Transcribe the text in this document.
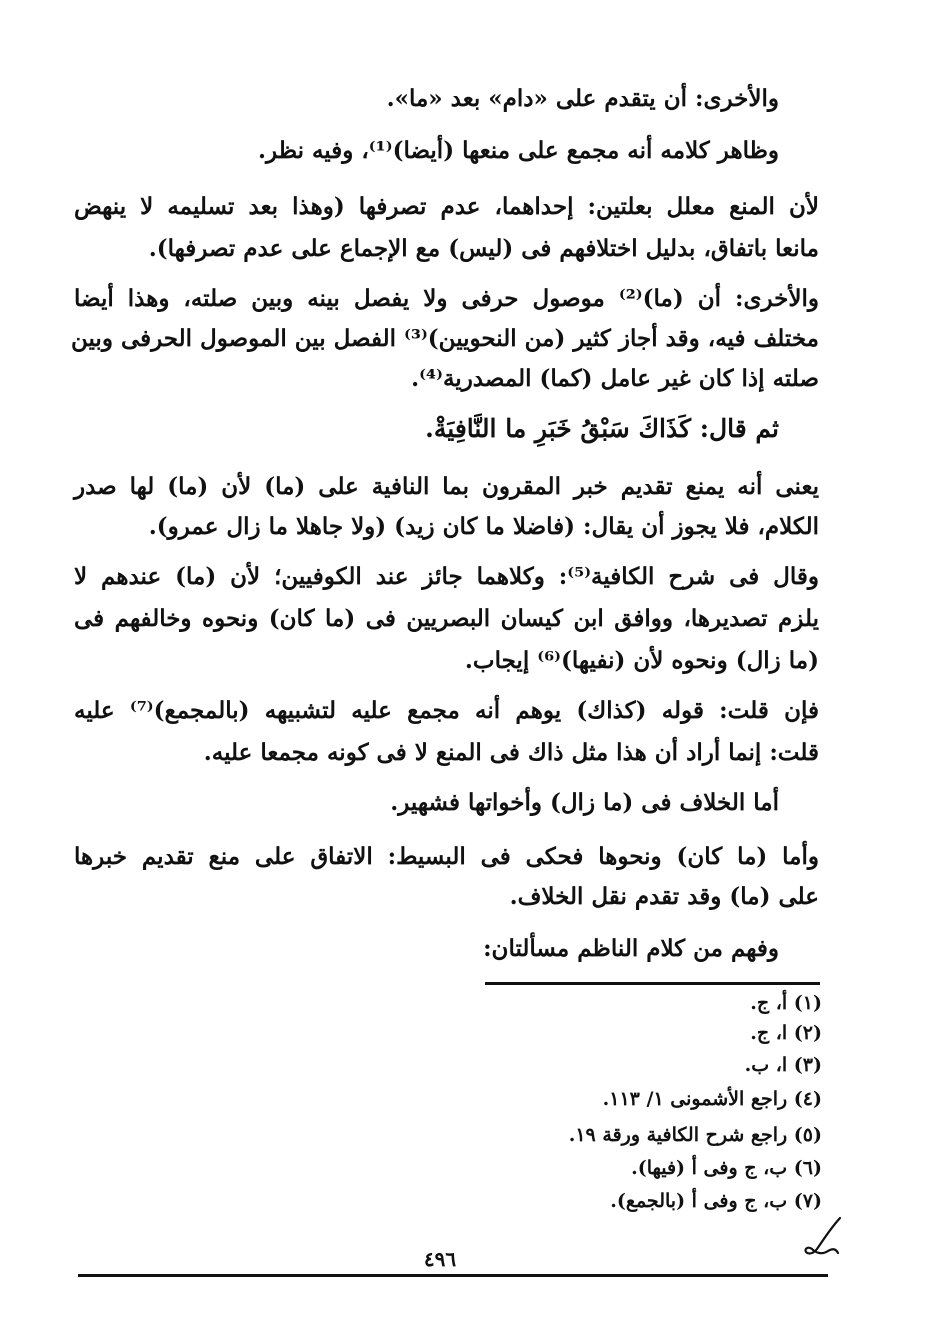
والأخرى: أن يتقدم على «دام» بعد «ما».
وظاهر كلامه أنه مجمع على منعها (أيضا)⁽¹⁾، وفيه نظر.
لأن المنع معلل بعلتين: إحداهما، عدم تصرفها (وهذا بعد تسليمه لا ينهض
مانعا باتفاق، بدليل اختلافهم فى (ليس) مع الإجماع على عدم تصرفها).
والأخرى: أن (ما)⁽²⁾ موصول حرفى ولا يفصل بينه وبين صلته، وهذا أيضا
مختلف فيه، وقد أجاز كثير (من النحويين)⁽³⁾ الفصل بين الموصول الحرفى وبين
صلته إذا كان غير عامل (كما) المصدرية⁽⁴⁾.
ثم قال: كَذَاكَ سَبْقُ خَبَرِ ما النَّافِيَةْ.
يعنى أنه يمنع تقديم خبر المقرون بما النافية على (ما) لأن (ما) لها صدر
الكلام، فلا يجوز أن يقال: (فاضلا ما كان زيد) (ولا جاهلا ما زال عمرو).
وقال فى شرح الكافية⁽⁵⁾: وكلاهما جائز عند الكوفيين؛ لأن (ما) عندهم لا
يلزم تصديرها، ووافق ابن كيسان البصريين فى (ما كان) ونحوه وخالفهم فى
(ما زال) ونحوه لأن (نفيها)⁽⁶⁾ إيجاب.
فإن قلت: قوله (كذاك) يوهم أنه مجمع عليه لتشبيهه (بالمجمع)⁽⁷⁾ عليه
قلت: إنما أراد أن هذا مثل ذاك فى المنع لا فى كونه مجمعا عليه.
أما الخلاف فى (ما زال) وأخواتها فشهير.
وأما (ما كان) ونحوها فحكى فى البسيط: الاتفاق على منع تقديم خبرها
على (ما) وقد تقدم نقل الخلاف.
وفهم من كلام الناظم مسألتان:
(١) أ، ج.
(٢) ا، ج.
(٣) ا، ب.
(٤) راجع الأشمونى ١/ ١١٣.
(٥) راجع شرح الكافية ورقة ١٩.
(٦) ب، ج وفى أ (فيها).
(٧) ب، ج وفى أ (بالجمع).
٤٩٦
